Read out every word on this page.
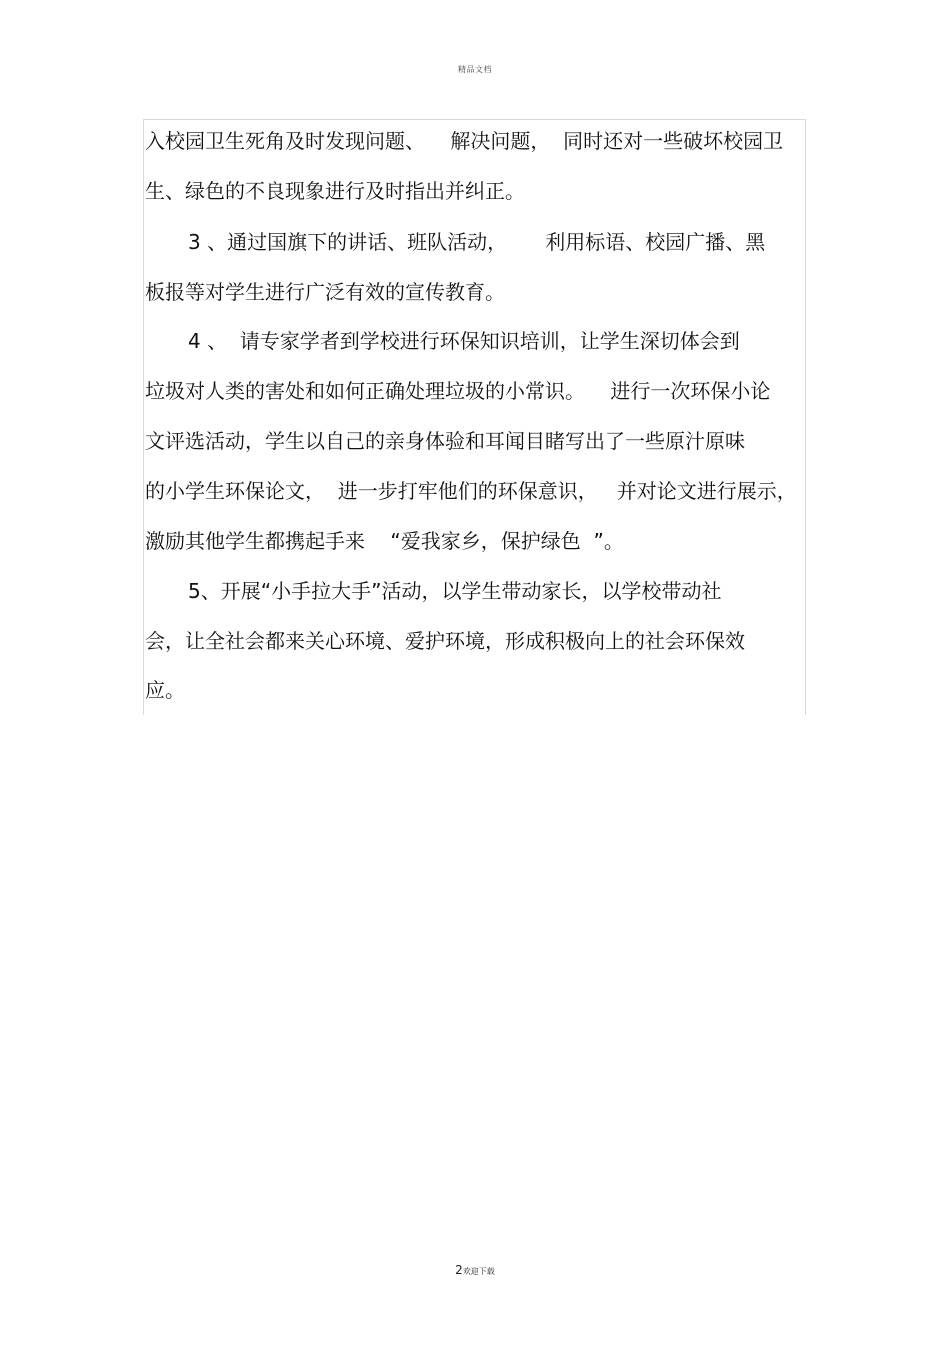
精品文档
入校园卫生死角及时发现问题、    解决问题，  同时还对一些破坏校园卫
生、绿色的不良现象进行及时指出并纠正。
3 、通过国旗下的讲话、班队活动，      利用标语、校园广播、黑
板报等对学生进行广泛有效的宣传教育。
4 、  请专家学者到学校进行环保知识培训，让学生深切体会到
垃圾对人类的害处和如何正确处理垃圾的小常识。    进行一次环保小论
文评选活动，学生以自己的亲身体验和耳闻目睹写出了一些原汁原味
的小学生环保论文，  进一步打牢他们的环保意识，   并对论文进行展示，
激励其他学生都携起手来    “爱我家乡，保护绿色  ”。
5、开展“小手拉大手”活动，以学生带动家长，以学校带动社
会，让全社会都来关心环境、爱护环境，形成积极向上的社会环保效
应。
2欢迎下载
